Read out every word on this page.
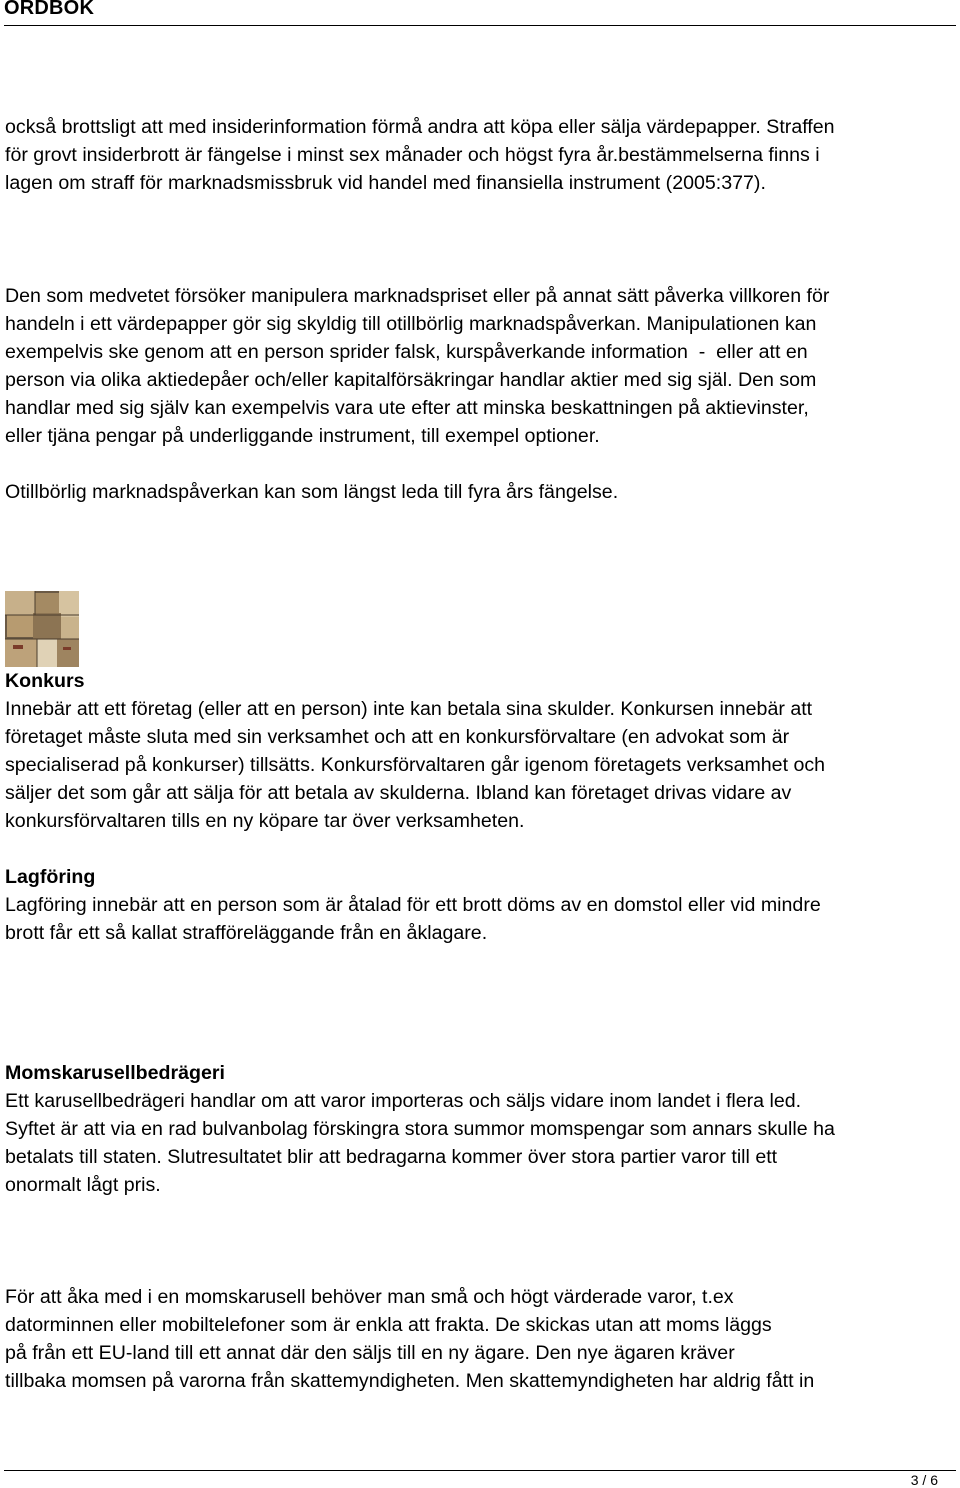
ORDBOK
också brottsligt att med insiderinformation förmå andra att köpa eller sälja värdepapper. Straffen
för grovt insiderbrott är fängelse i minst sex månader och högst fyra år.bestämmelserna finns i
lagen om straff för marknadsmissbruk vid handel med finansiella instrument (2005:377).
Den som medvetet försöker manipulera marknadspriset eller på annat sätt påverka villkoren för
handeln i ett värdepapper gör sig skyldig till otillbörlig marknadspåverkan. Manipulationen kan
exempelvis ske genom att en person sprider falsk, kurspåverkande information  -  eller att en
person via olika aktiedepåer och/eller kapitalförsäkringar handlar aktier med sig själ. Den som
handlar med sig själv kan exempelvis vara ute efter att minska beskattningen på aktievinster,
eller tjäna pengar på underliggande instrument, till exempel optioner.
Otillbörlig marknadspåverkan kan som längst leda till fyra års fängelse.
Konkurs
Innebär att ett företag (eller att en person) inte kan betala sina skulder. Konkursen innebär att
företaget måste sluta med sin verksamhet och att en konkursförvaltare (en advokat som är
specialiserad på konkurser) tillsätts. Konkursförvaltaren går igenom företagets verksamhet och
säljer det som går att sälja för att betala av skulderna. Ibland kan företaget drivas vidare av
konkursförvaltaren tills en ny köpare tar över verksamheten.
Lagföring
Lagföring innebär att en person som är åtalad för ett brott döms av en domstol eller vid mindre
brott får ett så kallat strafföreläggande från en åklagare.
Momskarusellbedrägeri
Ett karusellbedrägeri handlar om att varor importeras och säljs vidare inom landet i flera led.
Syftet är att via en rad bulvanbolag förskingra stora summor momspengar som annars skulle ha
betalats till staten. Slutresultatet blir att bedragarna kommer över stora partier varor till ett
onormalt lågt pris.
För att åka med i en momskarusell behöver man små och högt värderade varor, t.ex
datorminnen eller mobiltelefoner som är enkla att frakta. De skickas utan att moms läggs
på från ett EU-land till ett annat där den säljs till en ny ägare. Den nye ägaren kräver
tillbaka momsen på varorna från skattemyndigheten. Men skattemyndigheten har aldrig fått in
3 / 6
